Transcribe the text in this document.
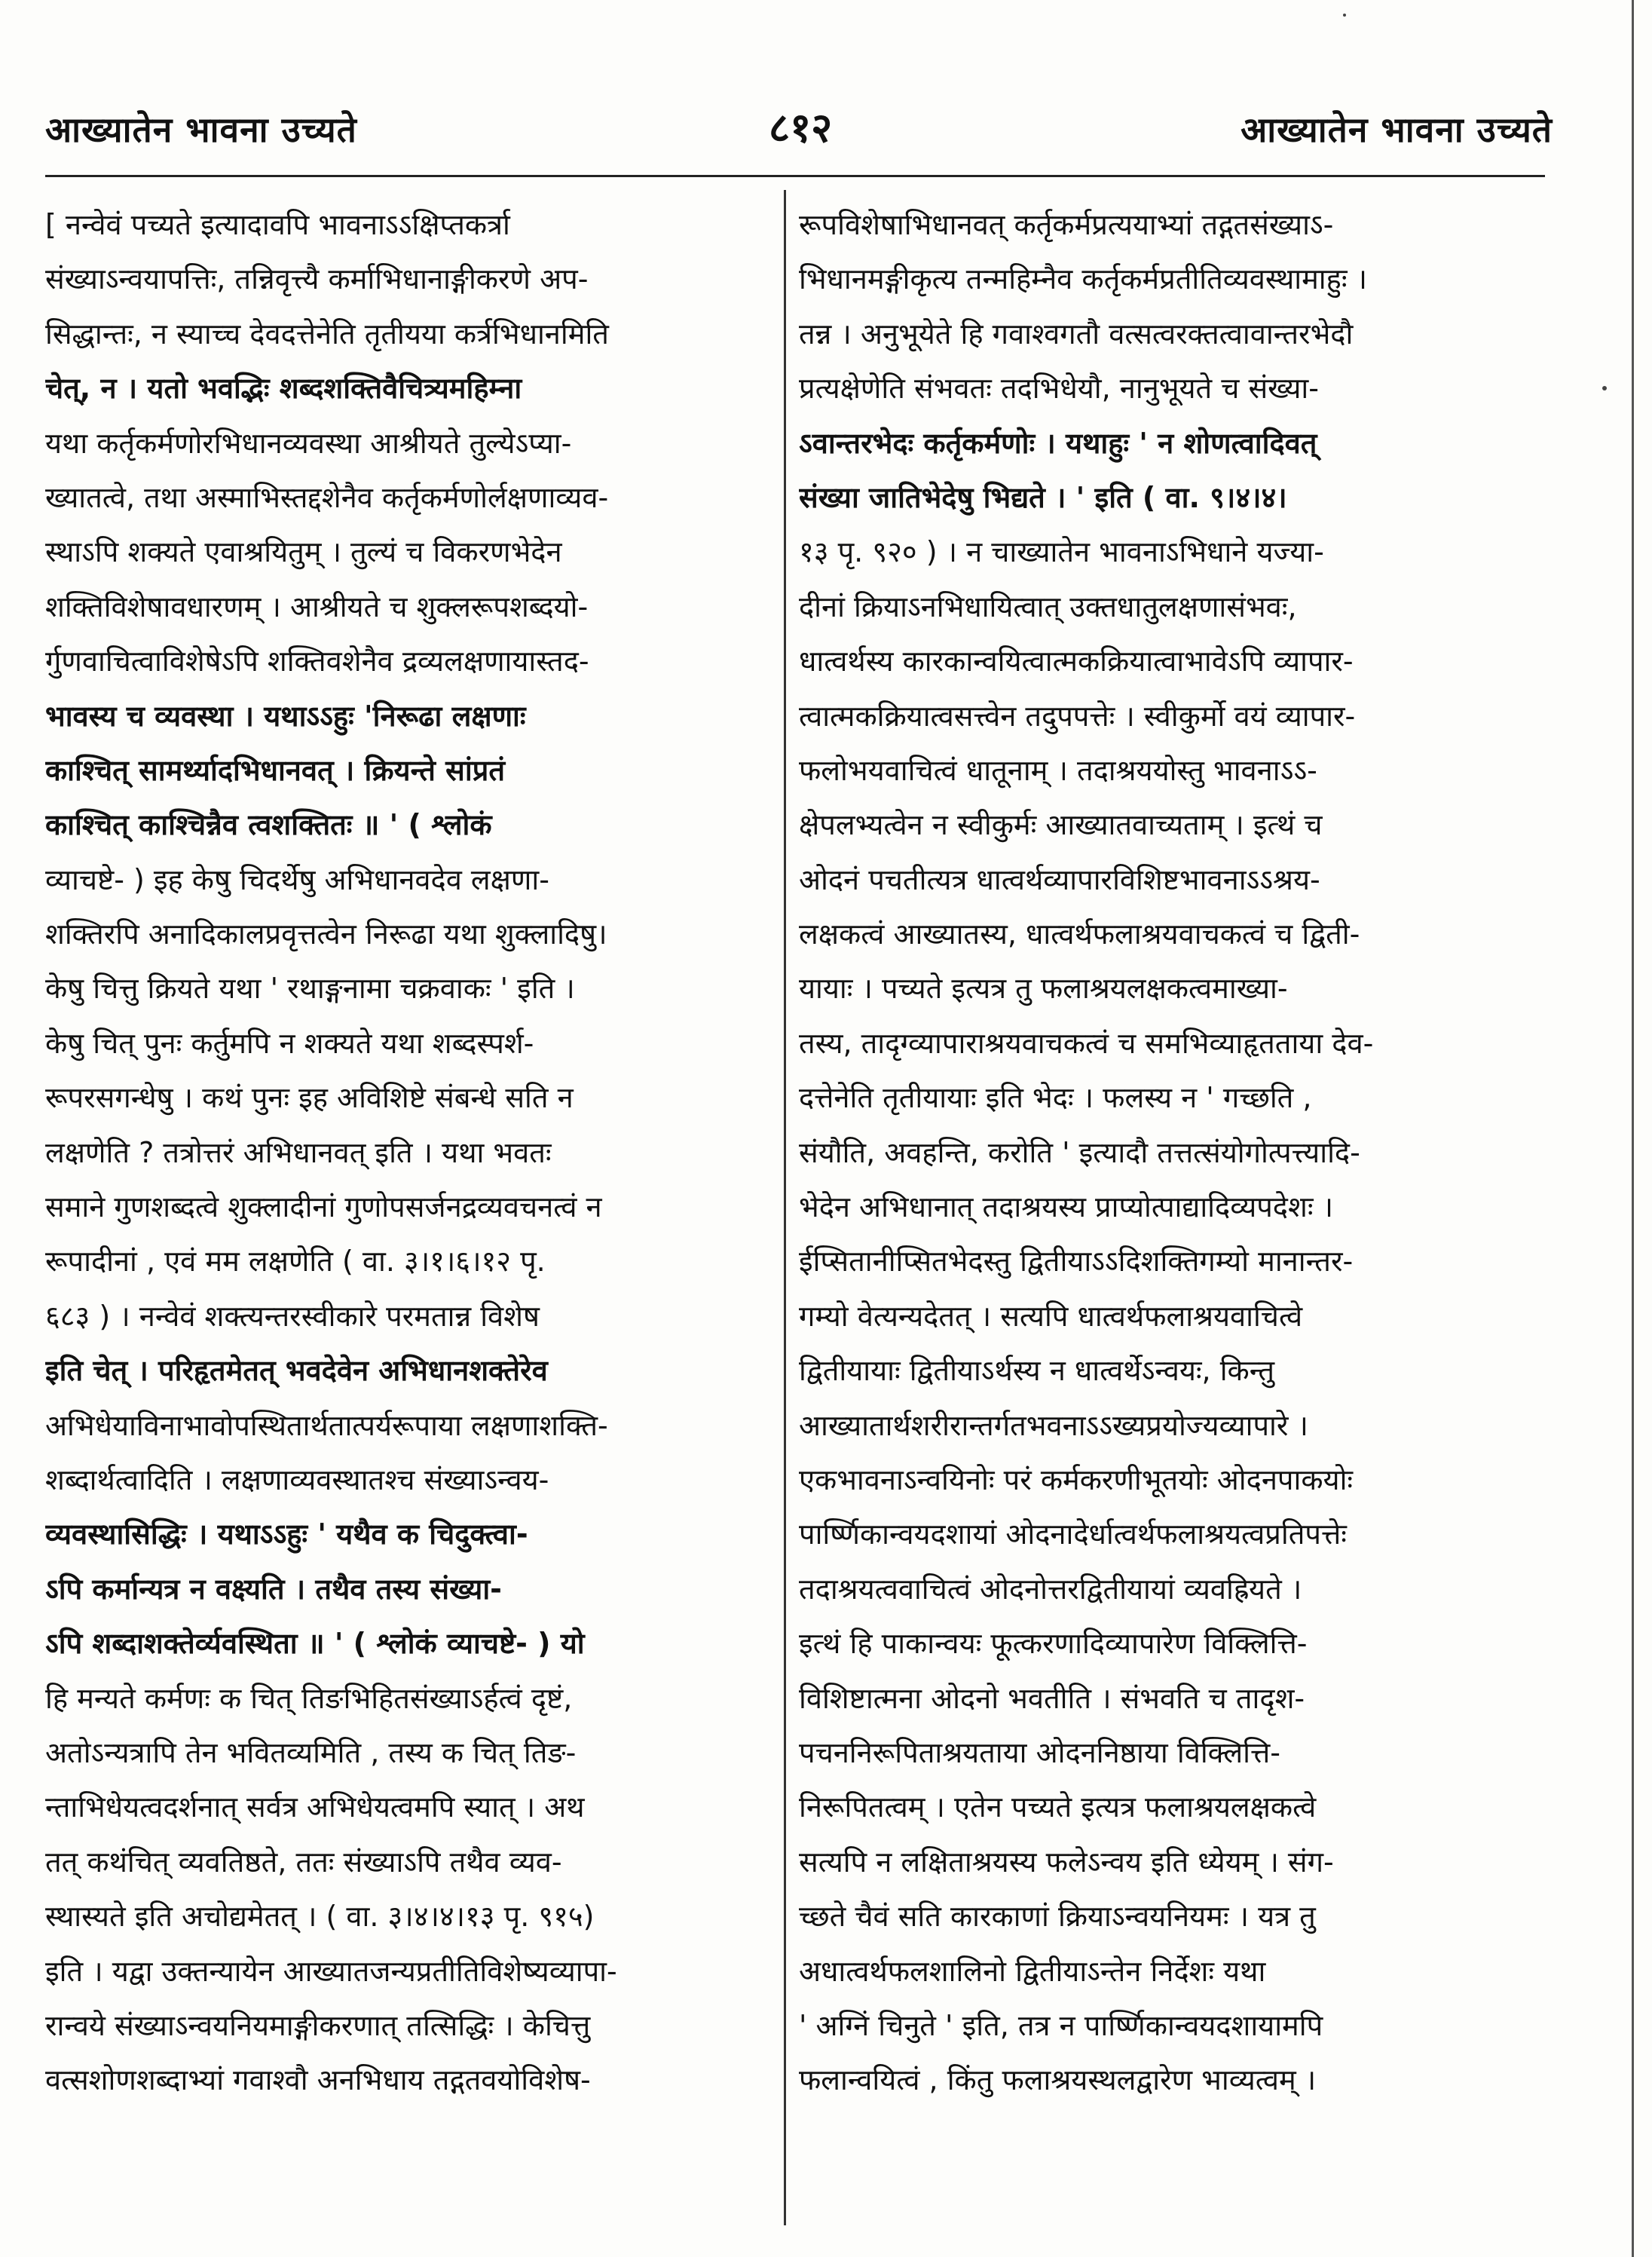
आख्यातेन भावना उच्यते	८१२	आख्यातेन भावना उच्यते
[ नन्वेवं पच्यते इत्यादावपि भावनाऽऽक्षिप्तकर्त्रा
संख्याऽन्वयापत्तिः, तन्निवृत्त्यै कर्माभिधानाङ्गीकरणे अप-
सिद्धान्तः, न स्याच्च देवदत्तेनेति तृतीयया कर्त्रभिधानमिति
चेत्, न । यतो भवद्भिः शब्दशक्तिवैचित्र्यमहिम्ना
यथा कर्तृकर्मणोरभिधानव्यवस्था आश्रीयते तुल्येऽप्या-
ख्यातत्वे, तथा अस्माभिस्तद्दशेनैव कर्तृकर्मणोर्लक्षणाव्यव-
स्थाऽपि शक्यते एवाश्रयितुम् । तुल्यं च विकरणभेदेन
शक्तिविशेषावधारणम् । आश्रीयते च शुक्लरूपशब्दयो-
र्गुणवाचित्वाविशेषेऽपि शक्तिवशेनैव द्रव्यलक्षणायास्तद-
भावस्य च व्यवस्था । यथाऽऽहुः 'निरूढा लक्षणाः
काश्चित् सामर्थ्यादभिधानवत् । क्रियन्ते सांप्रतं
काश्चित् काश्चिन्नैव त्वशक्तितः ॥ ' ( श्लोकं
व्याचष्टे- ) इह केषु चिदर्थेषु अभिधानवदेव लक्षणा-
शक्तिरपि अनादिकालप्रवृत्तत्वेन निरूढा यथा शुक्लादिषु।
केषु चित्तु क्रियते यथा ' रथाङ्गनामा चक्रवाकः ' इति ।
केषु चित् पुनः कर्तुमपि न शक्यते यथा शब्दस्पर्श-
रूपरसगन्धेषु । कथं पुनः इह अविशिष्टे संबन्धे सति न
लक्षणेति ? तत्रोत्तरं अभिधानवत् इति । यथा भवतः
समाने गुणशब्दत्वे शुक्लादीनां गुणोपसर्जनद्रव्यवचनत्वं न
रूपादीनां , एवं मम लक्षणेति ( वा. ३।१।६।१२ पृ.
६८३ ) । नन्वेवं शक्त्यन्तरस्वीकारे परमतान्न विशेष
इति चेत् । परिहृतमेतत् भवदेवेन अभिधानशक्तेरेव
अभिधेयाविनाभावोपस्थितार्थतात्पर्यरूपाया लक्षणाशक्ति-
शब्दार्थत्वादिति । लक्षणाव्यवस्थातश्च संख्याऽन्वय-
व्यवस्थासिद्धिः । यथाऽऽहुः ' यथैव क चिदुक्त्वा-
ऽपि कर्मान्यत्र न वक्ष्यति । तथैव तस्य संख्या-
ऽपि शब्दाशक्तेर्व्यवस्थिता ॥ ' ( श्लोकं व्याचष्टे- ) यो
हि मन्यते कर्मणः क चित् तिङभिहितसंख्याऽर्हत्वं दृष्टं,
अतोऽन्यत्रापि तेन भवितव्यमिति , तस्य क चित् तिङ-
न्ताभिधेयत्वदर्शनात् सर्वत्र अभिधेयत्वमपि स्यात् । अथ
तत् कथंचित् व्यवतिष्ठते, ततः संख्याऽपि तथैव व्यव-
स्थास्यते इति अचोद्यमेतत् । ( वा. ३।४।४।१३ पृ. ९१५)
इति । यद्वा उक्तन्यायेन आख्यातजन्यप्रतीतिविशेष्यव्यापा-
रान्वये संख्याऽन्वयनियमाङ्गीकरणात् तत्सिद्धिः । केचित्तु
वत्सशोणशब्दाभ्यां गवाश्वौ अनभिधाय तद्गतवयोविशेष-
रूपविशेषाभिधानवत् कर्तृकर्मप्रत्ययाभ्यां तद्गतसंख्याऽ-
भिधानमङ्गीकृत्य तन्महिम्नैव कर्तृकर्मप्रतीतिव्यवस्थामाहुः ।
तन्न । अनुभूयेते हि गवाश्वगतौ वत्सत्वरक्तत्वावान्तरभेदौ
प्रत्यक्षेणेति संभवतः तदभिधेयौ, नानुभूयते च संख्या-
ऽवान्तरभेदः कर्तृकर्मणोः । यथाहुः ' न शोणत्वादिवत्
संख्या जातिभेदेषु भिद्यते । ' इति ( वा. ९।४।४।
१३ पृ. ९२० ) । न चाख्यातेन भावनाऽभिधाने यज्या-
दीनां क्रियाऽनभिधायित्वात् उक्तधातुलक्षणासंभवः,
धात्वर्थस्य कारकान्वयित्वात्मकक्रियात्वाभावेऽपि व्यापार-
त्वात्मकक्रियात्वसत्त्वेन तदुपपत्तेः । स्वीकुर्मो वयं व्यापार-
फलोभयवाचित्वं धातूनाम् । तदाश्रययोस्तु भावनाऽऽ-
क्षेपलभ्यत्वेन न स्वीकुर्मः आख्यातवाच्यताम् । इत्थं च
ओदनं पचतीत्यत्र धात्वर्थव्यापारविशिष्टभावनाऽऽश्रय-
लक्षकत्वं आख्यातस्य, धात्वर्थफलाश्रयवाचकत्वं च द्विती-
यायाः । पच्यते इत्यत्र तु फलाश्रयलक्षकत्वमाख्या-
तस्य, तादृग्व्यापाराश्रयवाचकत्वं च समभिव्याहृतताया देव-
दत्तेनेति तृतीयायाः इति भेदः । फलस्य न ' गच्छति ,
संयौति, अवहन्ति, करोति ' इत्यादौ तत्तत्संयोगोत्पत्त्यादि-
भेदेन अभिधानात् तदाश्रयस्य प्राप्योत्पाद्यादिव्यपदेशः ।
ईप्सितानीप्सितभेदस्तु द्वितीयाऽऽदिशक्तिगम्यो मानान्तर-
गम्यो वेत्यन्यदेतत् । सत्यपि धात्वर्थफलाश्रयवाचित्वे
द्वितीयायाः द्वितीयाऽर्थस्य न धात्वर्थेऽन्वयः, किन्तु
आख्यातार्थशरीरान्तर्गतभवनाऽऽख्यप्रयोज्यव्यापारे ।
एकभावनाऽन्वयिनोः परं कर्मकरणीभूतयोः ओदनपाकयोः
पार्ष्णिकान्वयदशायां ओदनादेर्धात्वर्थफलाश्रयत्वप्रतिपत्तेः
तदाश्रयत्ववाचित्वं ओदनोत्तरद्वितीयायां व्यवह्रियते ।
इत्थं हि पाकान्वयः फूत्करणादिव्यापारेण विक्लित्ति-
विशिष्टात्मना ओदनो भवतीति । संभवति च तादृश-
पचननिरूपिताश्रयताया ओदननिष्ठाया विक्लित्ति-
निरूपितत्वम् । एतेन पच्यते इत्यत्र फलाश्रयलक्षकत्वे
सत्यपि न लक्षिताश्रयस्य फलेऽन्वय इति ध्येयम् । संग-
च्छते चैवं सति कारकाणां क्रियाऽन्वयनियमः । यत्र तु
अधात्वर्थफलशालिनो द्वितीयाऽन्तेन निर्देशः यथा
' अग्निं चिनुते ' इति, तत्र न पार्ष्णिकान्वयदशायामपि
फलान्वयित्वं , किंतु फलाश्रयस्थलद्वारेण भाव्यत्वम् ।
